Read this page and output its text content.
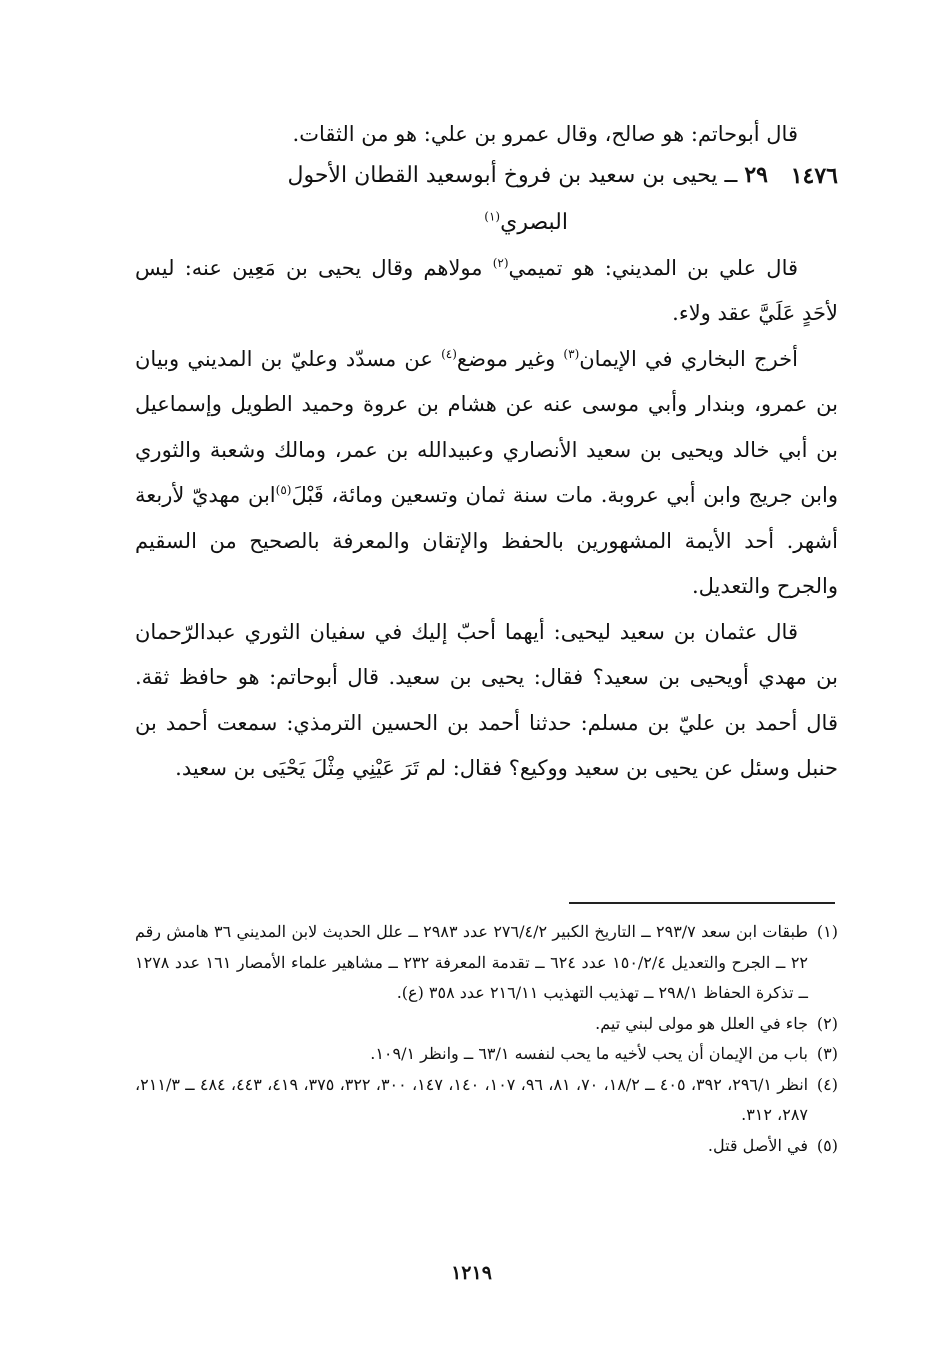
قال أبوحاتم: هو صالح، وقال عمرو بن علي: هو من الثقات.

١٤٧٦
٢٩ ــ يحيى بن سعيد بن فروخ أبوسعيد القطان الأحول
البصري$^{(١)}$

قال علي بن المديني: هو تميمي$^{(٢)}$ مولاهم وقال يحيى بن مَعِين عنه: ليس لأحَدٍ عَلَيَّ عقد ولاء.

أخرج البخاري في الإيمان$^{(٣)}$ وغير موضع$^{(٤)}$ عن مسدّد وعليّ بن المديني وبيان بن عمرو، وبندار وأبي موسى عنه عن هشام بن عروة وحميد الطويل وإسماعيل بن أبي خالد ويحيى بن سعيد الأنصاري وعبيدالله بن عمر، ومالك وشعبة والثوري وابن جريج وابن أبي عروبة. مات سنة ثمان وتسعين ومائة، قَبْلَ$^{(٥)}$ابن مهديّ لأربعة أشهر. أحد الأيمة المشهورين بالحفظ والإتقان والمعرفة بالصحيح من السقيم والجرح والتعديل.

قال عثمان بن سعيد ليحيى: أيهما أحبّ إليك في سفيان الثوري عبدالرّحمان بن مهدي أويحيى بن سعيد؟ فقال: يحيى بن سعيد. قال أبوحاتم: هو حافظ ثقة. قال أحمد بن عليّ بن مسلم: حدثنا أحمد بن الحسين الترمذي: سمعت أحمد بن حنبل وسئل عن يحيى بن سعيد ووكيع؟ فقال: لم تَرَ عَيْنِي مِثْلَ يَحْيَى بن سعيد.

(١)
طبقات ابن سعد ٢٩٣/٧ ــ التاريخ الكبير ٢٧٦/٤/٢ عدد ٢٩٨٣ ــ علل الحديث لابن المديني ٣٦ هامش رقم ٢٢ ــ الجرح والتعديل ١٥٠/٢/٤ عدد ٦٢٤ ــ تقدمة المعرفة ٢٣٢ ــ مشاهير علماء الأمصار ١٦١ عدد ١٢٧٨ ــ تذكرة الحفاظ ٢٩٨/١ ــ تهذيب التهذيب ٢١٦/١١ عدد ٣٥٨ (ع).
(٢)
جاء في العلل هو مولى لبني تيم.
(٣)
باب من الإيمان أن يحب لأخيه ما يحب لنفسه ٦٣/١ ــ وانظر ١٠٩/١.
(٤)
انظر ٢٩٦/١، ٣٩٢، ٤٠٥ ــ ١٨/٢، ٧٠، ٨١، ٩٦، ١٠٧، ١٤٠، ١٤٧، ٣٠٠، ٣٢٢، ٣٧٥، ٤١٩، ٤٤٣، ٤٨٤ ــ ٢١١/٣، ٢٨٧، ٣١٢.
(٥)
في الأصل قتل.
١٢١٩
